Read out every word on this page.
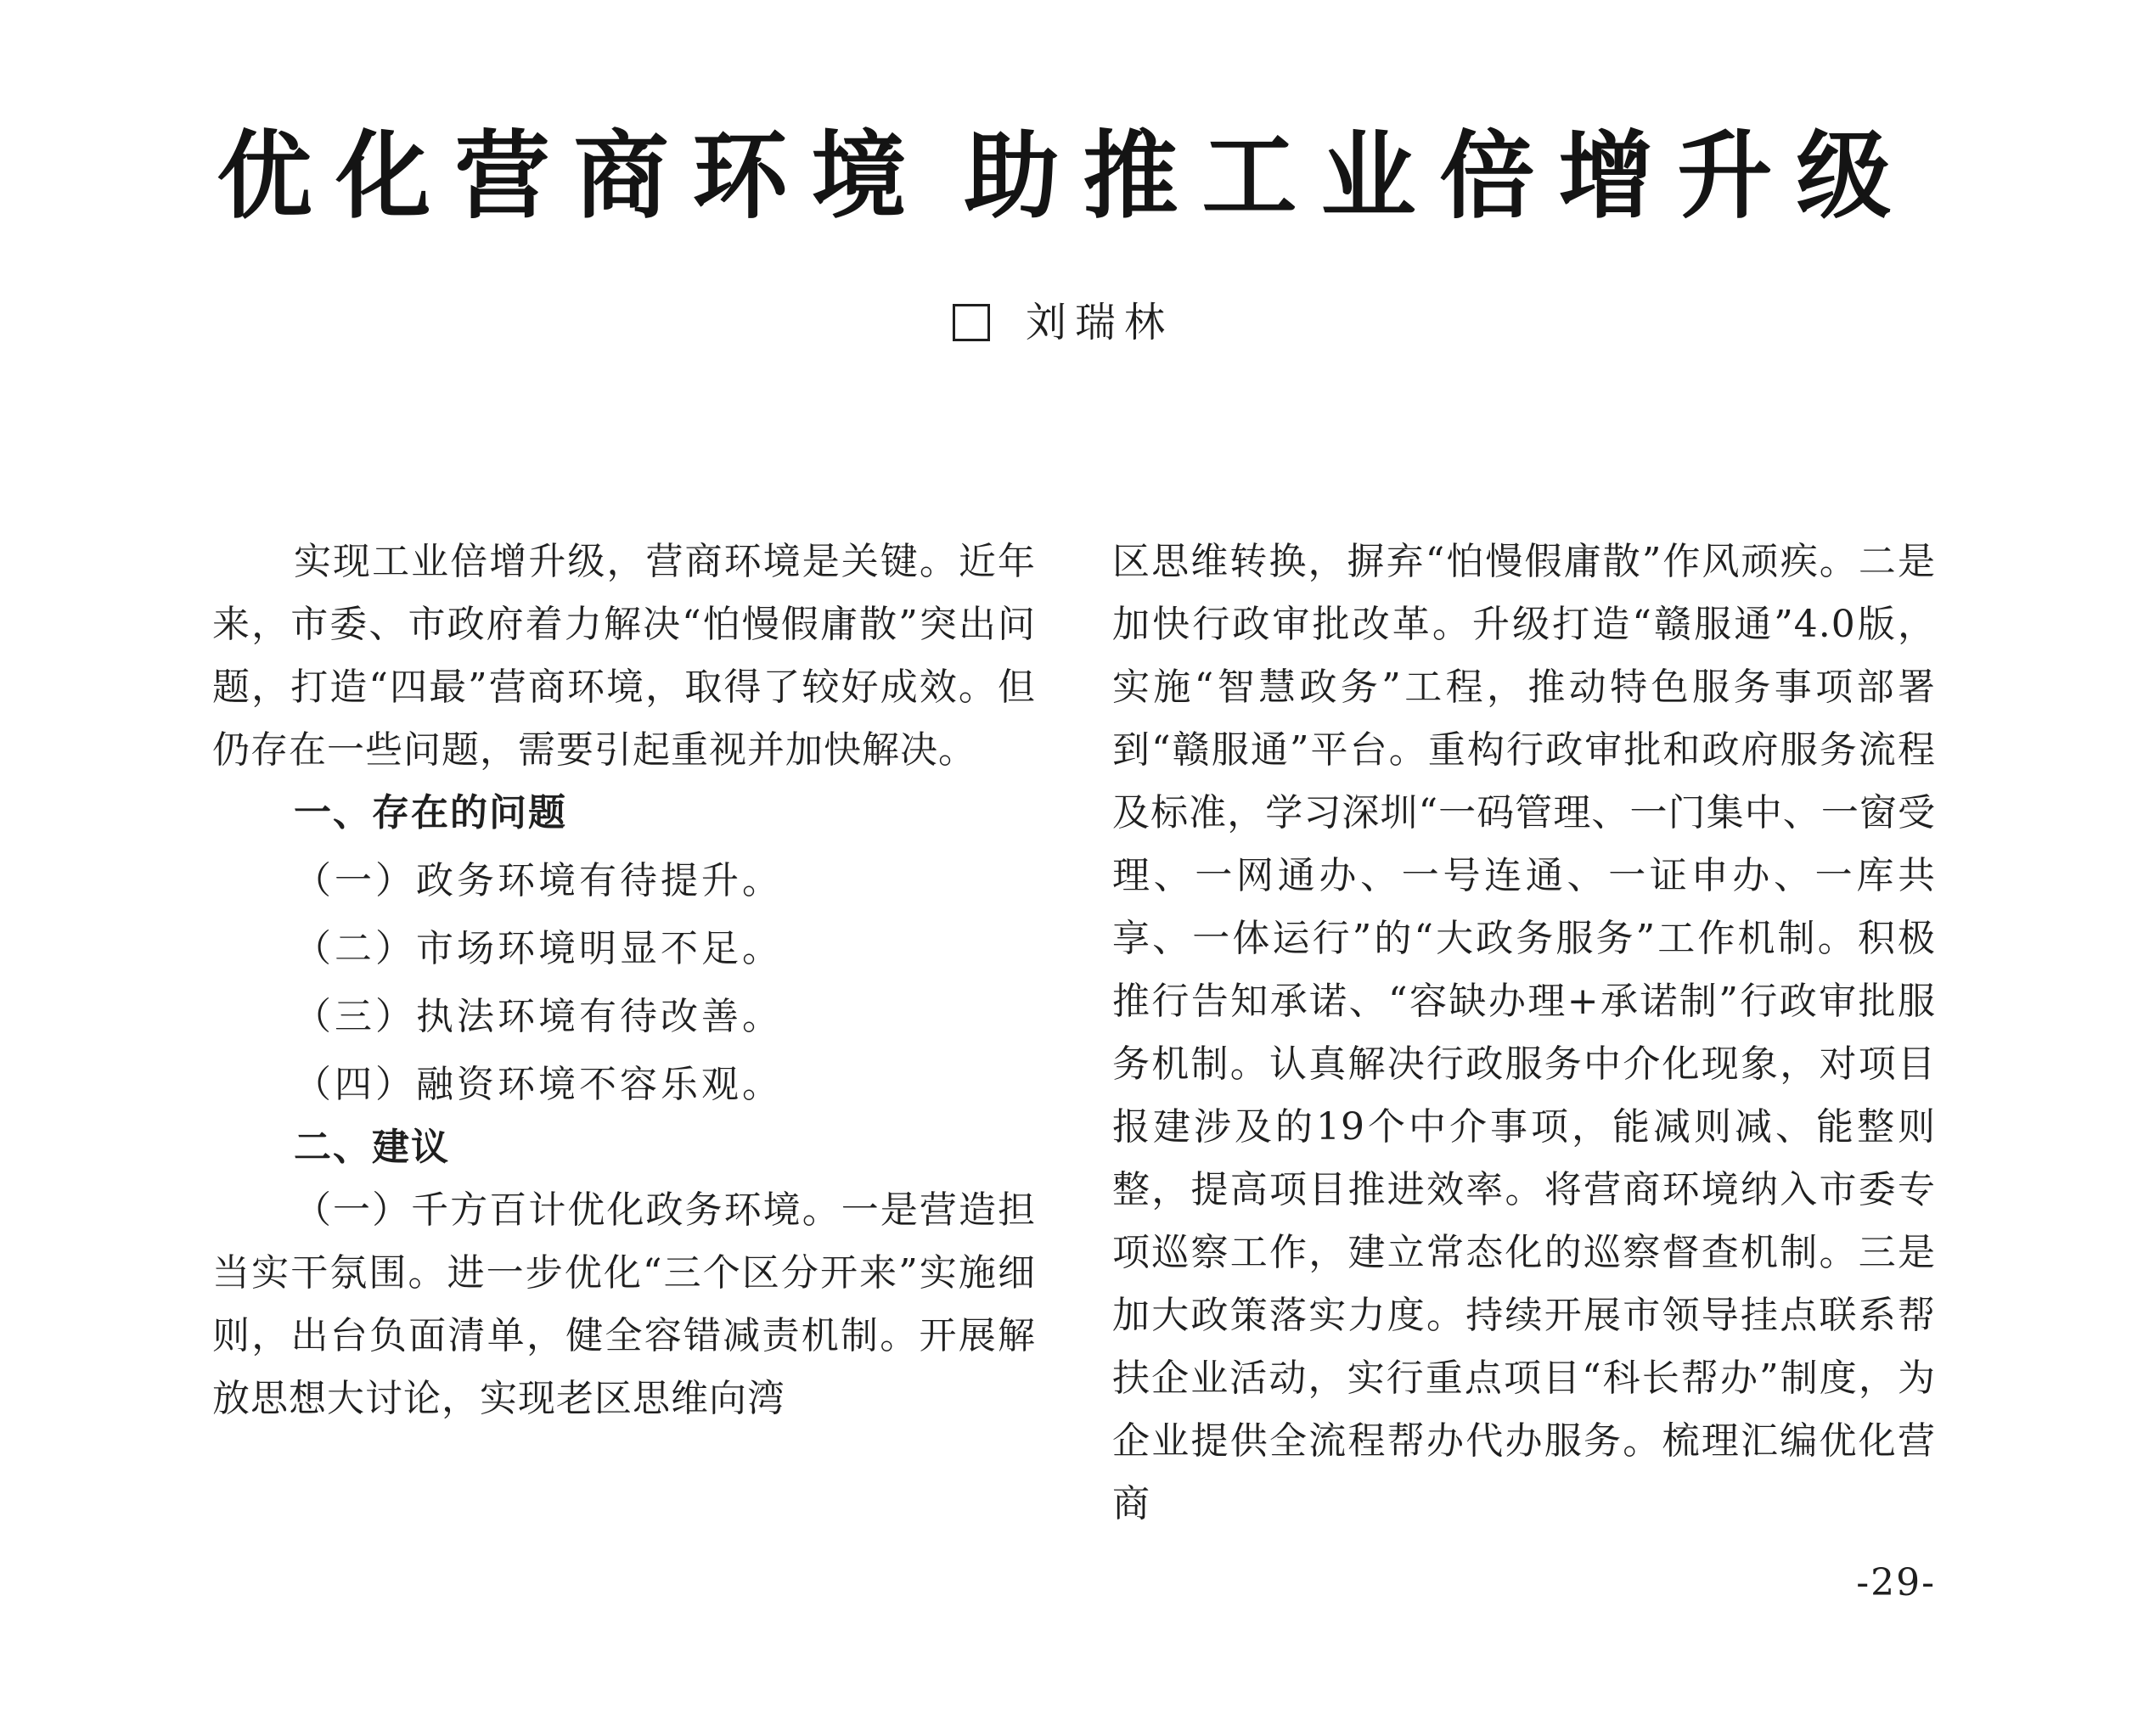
优化营商环境 助推工业倍增升级
刘瑞林

实现工业倍增升级，营商环境是关键。近年来，市委、市政府着力解决“怕慢假庸散”突出问题，打造“四最”营商环境，取得了较好成效。但仍存在一些问题，需要引起重视并加快解决。

一、存在的问题

（一）政务环境有待提升。

（二）市场环境明显不足。

（三）执法环境有待改善。

（四）融资环境不容乐观。

二、建议

（一）千方百计优化政务环境。一是营造担当实干氛围。进一步优化“三个区分开来”实施细则，出台负面清单，健全容错减责机制。开展解放思想大讨论，实现老区思维向湾

区思维转换，摒弃“怕慢假庸散”作风顽疾。二是加快行政审批改革。升级打造“赣服通”4.0版，实施“智慧政务”工程，推动特色服务事项部署到“赣服通”平台。重构行政审批和政府服务流程及标准，学习深圳“一码管理、一门集中、一窗受理、一网通办、一号连通、一证申办、一库共享、一体运行”的“大政务服务”工作机制。积极推行告知承诺、“容缺办理+承诺制”行政审批服务机制。认真解决行政服务中介化现象，对项目报建涉及的19个中介事项，能减则减、能整则整，提高项目推进效率。将营商环境纳入市委专项巡察工作，建立常态化的巡察督查机制。三是加大政策落实力度。持续开展市领导挂点联系帮扶企业活动，实行重点项目“科长帮办”制度，为企业提供全流程帮办代办服务。梳理汇编优化营商

-29-
